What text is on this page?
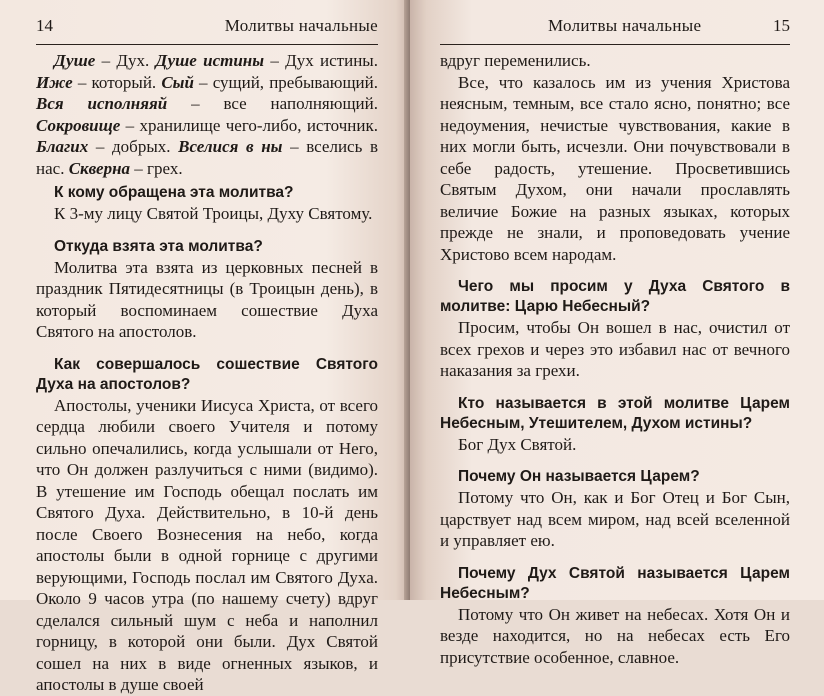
14	Молитвы начальные

Душе – Дух. Душе истины – Дух истины. Иже – который. Сый – сущий, пребывающий. Вся исполняяй – все наполняющий. Сокровище – хранилище чего-либо, источник. Благих – добрых. Вселися в ны – вселись в нас. Скверна – грех.

К кому обращена эта молитва?

К 3-му лицу Святой Троицы, Духу Святому.

Откуда взята эта молитва?

Молитва эта взята из церковных песней в праздник Пятидесятницы (в Троицын день), в который воспоминаем сошествие Духа Святого на апостолов.

Как совершалось сошествие Святого Духа на апостолов?

Апостолы, ученики Иисуса Христа, от всего сердца любили своего Учителя и потому сильно опечалились, когда услышали от Него, что Он должен разлучиться с ними (видимо). В утешение им Господь обещал послать им Святого Духа. Действительно, в 10-й день после Своего Вознесения на небо, когда апостолы были в одной горнице с другими верующими, Господь послал им Святого Духа. Около 9 часов утра (по нашему счету) вдруг сделался сильный шум с неба и наполнил горницу, в которой они были. Дух Святой сошел на них в виде огненных языков, и апостолы в душе своей

Молитвы начальные	15

вдруг переменились.

Все, что казалось им из учения Христова неясным, темным, все стало ясно, понятно; все недоумения, нечистые чувствования, какие в них могли быть, исчезли. Они почувствовали в себе радость, утешение. Просветившись Святым Духом, они начали прославлять величие Божие на разных языках, которых прежде не знали, и проповедовать учение Христово всем народам.

Чего мы просим у Духа Святого в молитве: Царю Небесный?

Просим, чтобы Он вошел в нас, очистил от всех грехов и через это избавил нас от вечного наказания за грехи.

Кто называется в этой молитве Царем Небесным, Утешителем, Духом истины?

Бог Дух Святой.

Почему Он называется Царем?

Потому что Он, как и Бог Отец и Бог Сын, царствует над всем миром, над всей вселенной и управляет ею.

Почему Дух Святой называется Царем Небесным?

Потому что Он живет на небесах. Хотя Он и везде находится, но на небесах есть Его присутствие особенное, славное.
